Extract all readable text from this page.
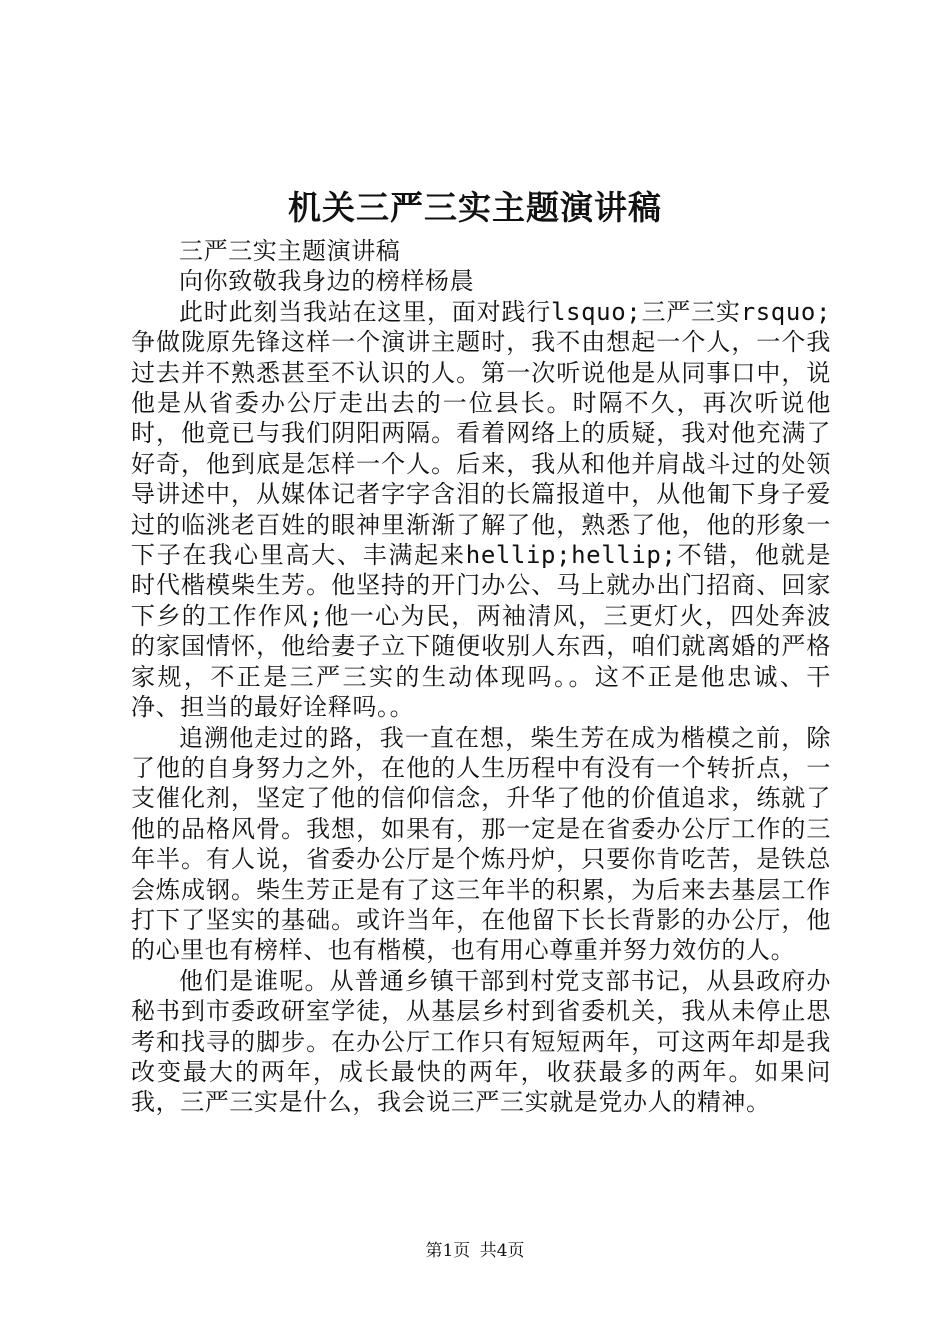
机关三严三实主题演讲稿

三严三实主题演讲稿

向你致敬我身边的榜样杨晨

此时此刻当我站在这里，面对践行lsquo;三严三实rsquo;争做陇原先锋这样一个演讲主题时，我不由想起一个人，一个我过去并不熟悉甚至不认识的人。第一次听说他是从同事口中，说他是从省委办公厅走出去的一位县长。时隔不久，再次听说他时，他竟已与我们阴阳两隔。看着网络上的质疑，我对他充满了好奇，他到底是怎样一个人。后来，我从和他并肩战斗过的处领导讲述中，从媒体记者字字含泪的长篇报道中，从他匍下身子爱过的临洮老百姓的眼神里渐渐了解了他，熟悉了他，他的形象一下子在我心里高大、丰满起来hellip;hellip;不错，他就是时代楷模柴生芳。他坚持的开门办公、马上就办出门招商、回家下乡的工作作风;他一心为民，两袖清风，三更灯火，四处奔波的家国情怀，他给妻子立下随便收别人东西，咱们就离婚的严格家规，不正是三严三实的生动体现吗。。这不正是他忠诚、干净、担当的最好诠释吗。。

追溯他走过的路，我一直在想，柴生芳在成为楷模之前，除了他的自身努力之外，在他的人生历程中有没有一个转折点，一支催化剂，坚定了他的信仰信念，升华了他的价值追求，练就了他的品格风骨。我想，如果有，那一定是在省委办公厅工作的三年半。有人说，省委办公厅是个炼丹炉，只要你肯吃苦，是铁总会炼成钢。柴生芳正是有了这三年半的积累，为后来去基层工作打下了坚实的基础。或许当年，在他留下长长背影的办公厅，他的心里也有榜样、也有楷模，也有用心尊重并努力效仿的人。

他们是谁呢。从普通乡镇干部到村党支部书记，从县政府办秘书到市委政研室学徒，从基层乡村到省委机关，我从未停止思考和找寻的脚步。在办公厅工作只有短短两年，可这两年却是我改变最大的两年，成长最快的两年，收获最多的两年。如果问我，三严三实是什么，我会说三严三实就是党办人的精神。

第1页 共4页
